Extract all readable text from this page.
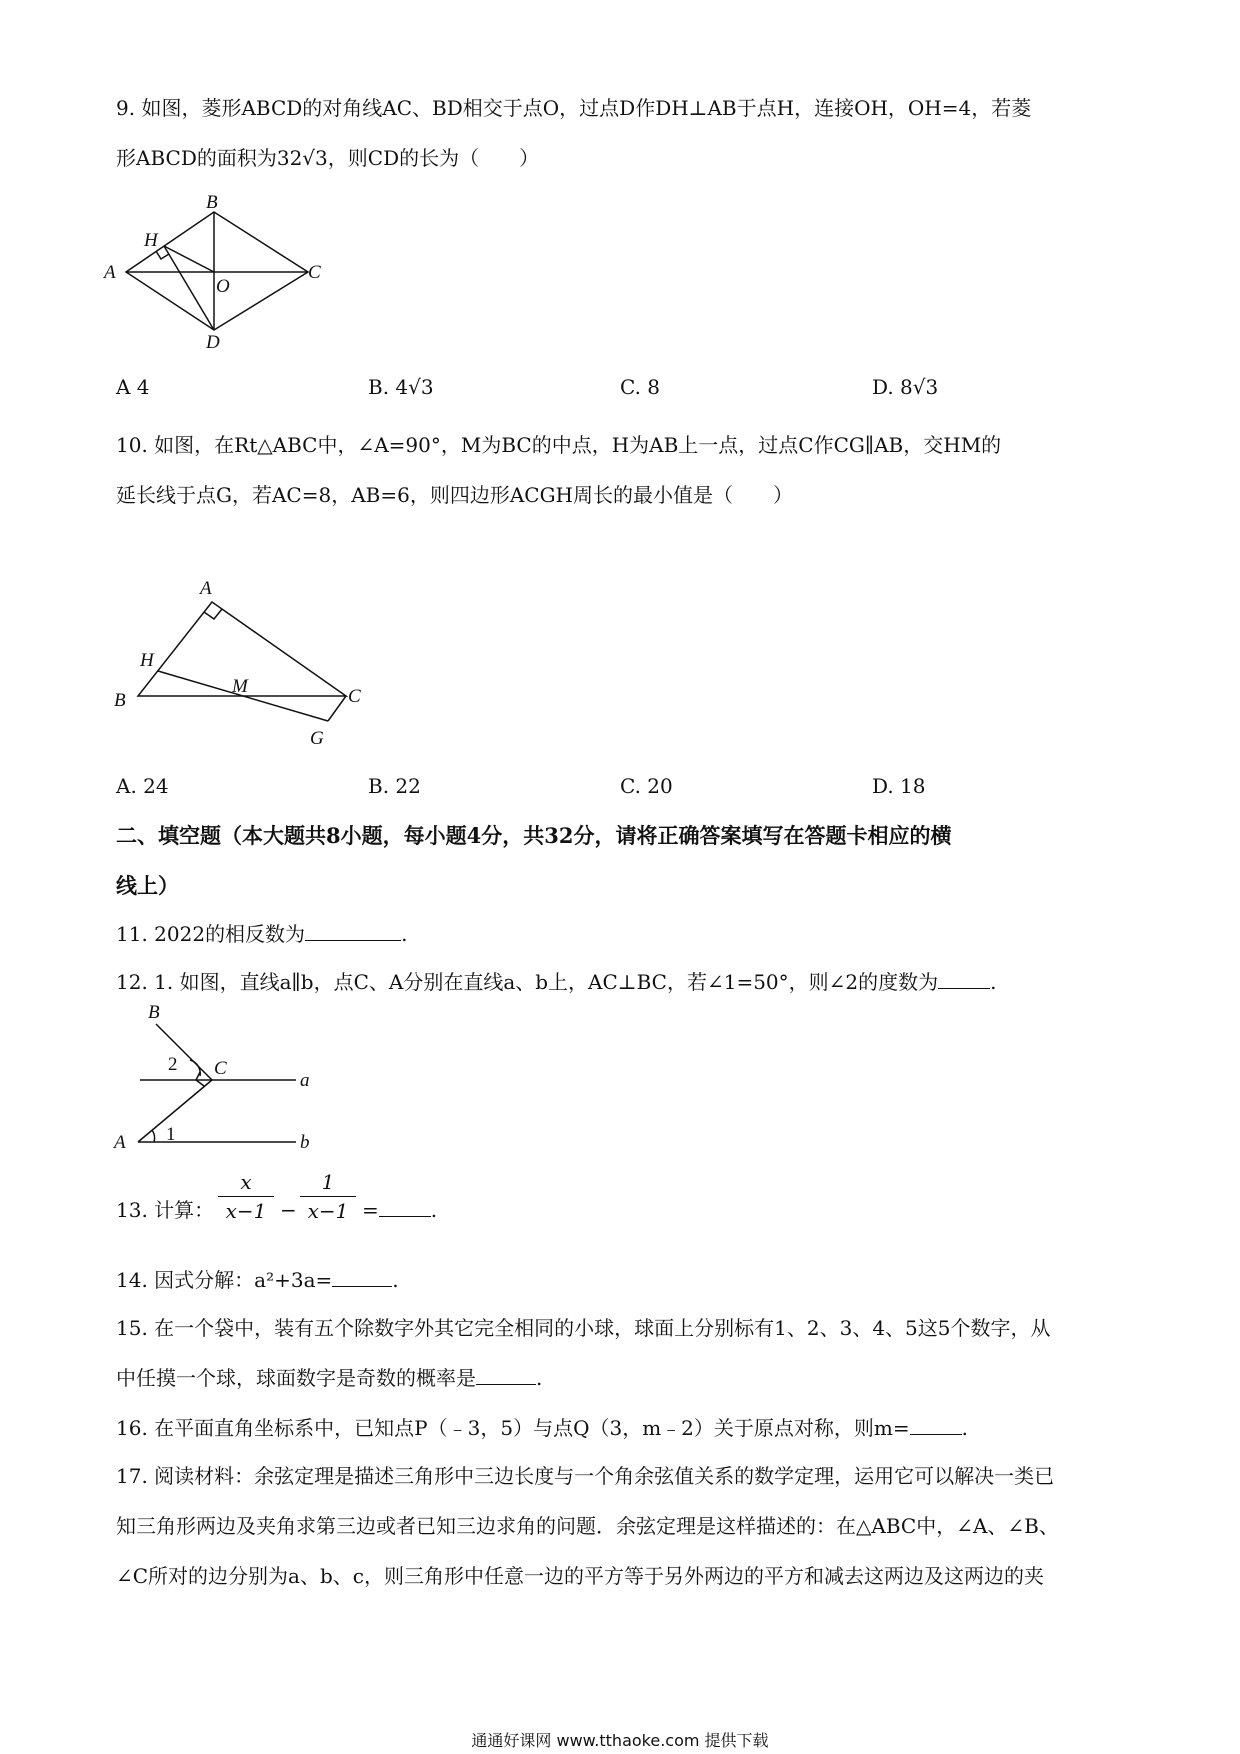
9. 如图，菱形ABCD的对角线AC、BD相交于点O，过点D作DH⊥AB于点H，连接OH，OH=4，若菱
形ABCD的面积为32√3，则CD的长为（　　）
A
B
C
D
H
O
A 4	B. 4√3	C. 8	D. 8√3
10. 如图，在Rt△ABC中，∠A=90°，M为BC的中点，H为AB上一点，过点C作CG∥AB，交HM的
延长线于点G，若AC=8，AB=6，则四边形ACGH周长的最小值是（　　）
A
B	C
G
H
M
A. 24	B. 22	C. 20	D. 18
二、填空题（本大题共8小题，每小题4分，共32分，请将正确答案填写在答题卡相应的横
线上）
11. 2022的相反数为	.
12. 1. 如图，直线a∥b，点C、A分别在直线a、b上，AC⊥BC，若∠1=50°，则∠2的度数为	.
B
C
A
a
b
1
2
13. 计算：
x
x−1 −
1
x−1 =	.
14. 因式分解：a²+3a=	.
15. 在一个袋中，装有五个除数字外其它完全相同的小球，球面上分别标有1、2、3、4、5这5个数字，从
中任摸一个球，球面数字是奇数的概率是	.
16. 在平面直角坐标系中，已知点P（﹣3，5）与点Q（3，m﹣2）关于原点对称，则m=	.
17. 阅读材料：余弦定理是描述三角形中三边长度与一个角余弦值关系的数学定理，运用它可以解决一类已
知三角形两边及夹角求第三边或者已知三边求角的问题．余弦定理是这样描述的：在△ABC中，∠A、∠B、
∠C所对的边分别为a、b、c，则三角形中任意一边的平方等于另外两边的平方和减去这两边及这两边的夹
通通好课网 www.tthaoke.com 提供下载
